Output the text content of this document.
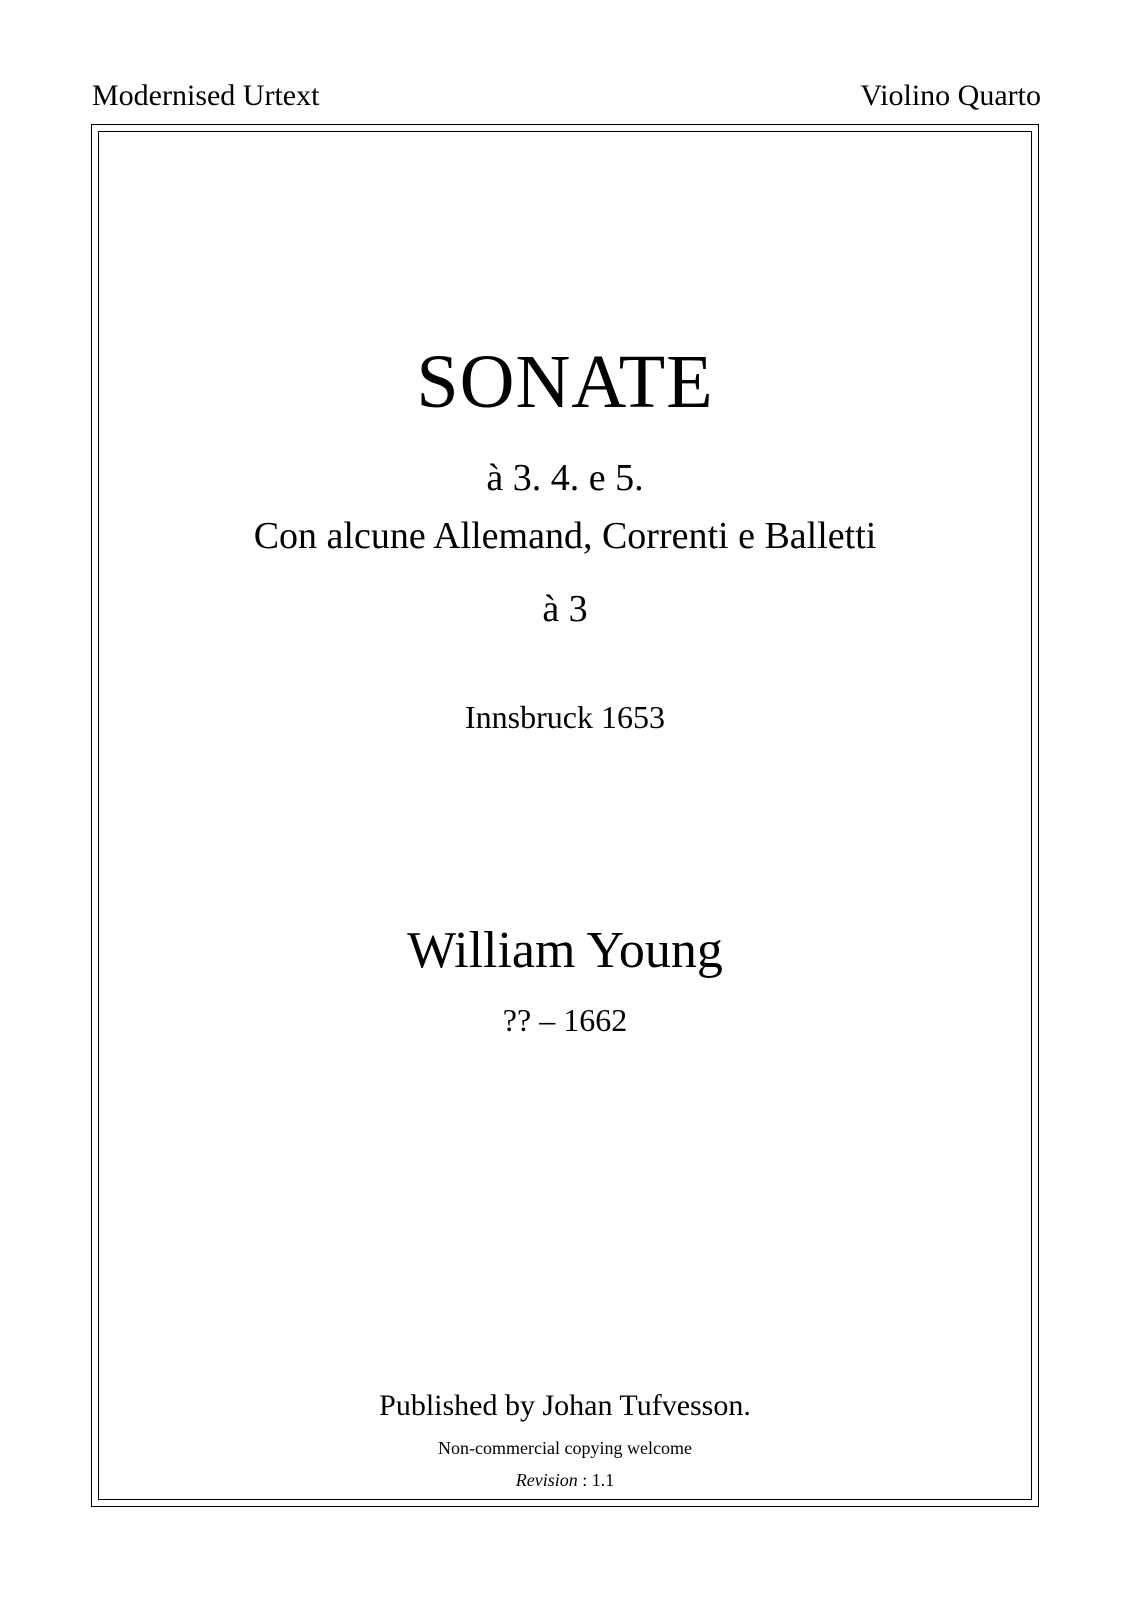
Modernised Urtext	Violino Quarto
SONATE
à 3. 4. e 5.
Con alcune Allemand, Correnti e Balletti
à 3
Innsbruck 1653
William Young
?? – 1662
Published by Johan Tufvesson.
Non-commercial copying welcome
Revision : 1.1
